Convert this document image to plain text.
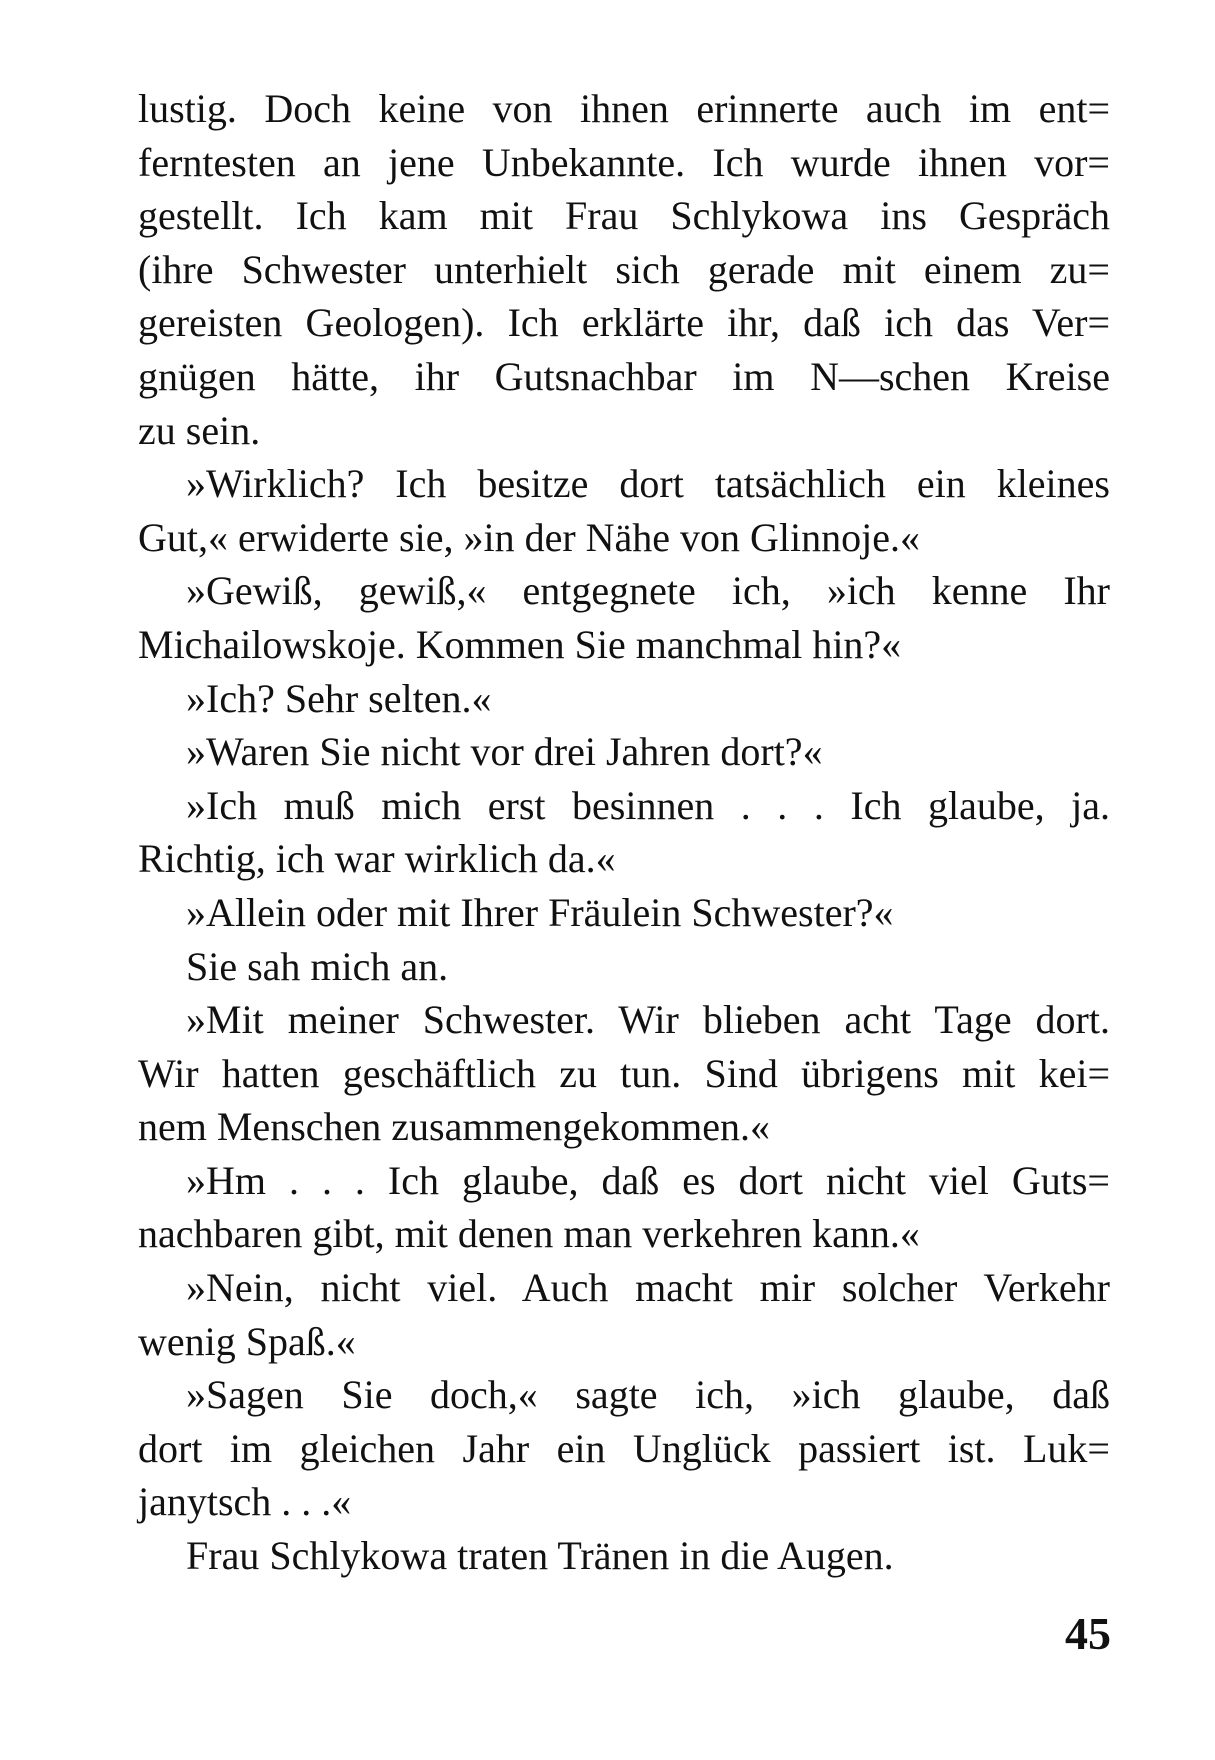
lustig. Doch keine von ihnen erinnerte auch im ent=
ferntesten an jene Unbekannte. Ich wurde ihnen vor=
gestellt. Ich kam mit Frau Schlykowa ins Gespräch
(ihre Schwester unterhielt sich gerade mit einem zu=
gereisten Geologen). Ich erklärte ihr, daß ich das Ver=
gnügen hätte, ihr Gutsnachbar im N—schen Kreise
zu sein.
»Wirklich? Ich besitze dort tatsächlich ein kleines
Gut,« erwiderte sie, »in der Nähe von Glinnoje.«
»Gewiß, gewiß,« entgegnete ich, »ich kenne Ihr
Michailowskoje. Kommen Sie manchmal hin?«
»Ich? Sehr selten.«
»Waren Sie nicht vor drei Jahren dort?«
»Ich muß mich erst besinnen . . . Ich glaube, ja.
Richtig, ich war wirklich da.«
»Allein oder mit Ihrer Fräulein Schwester?«
Sie sah mich an.
»Mit meiner Schwester. Wir blieben acht Tage dort.
Wir hatten geschäftlich zu tun. Sind übrigens mit kei=
nem Menschen zusammengekommen.«
»Hm . . . Ich glaube, daß es dort nicht viel Guts=
nachbaren gibt, mit denen man verkehren kann.«
»Nein, nicht viel. Auch macht mir solcher Verkehr
wenig Spaß.«
»Sagen Sie doch,« sagte ich, »ich glaube, daß
dort im gleichen Jahr ein Unglück passiert ist. Luk=
janytsch . . .«
Frau Schlykowa traten Tränen in die Augen.
45
